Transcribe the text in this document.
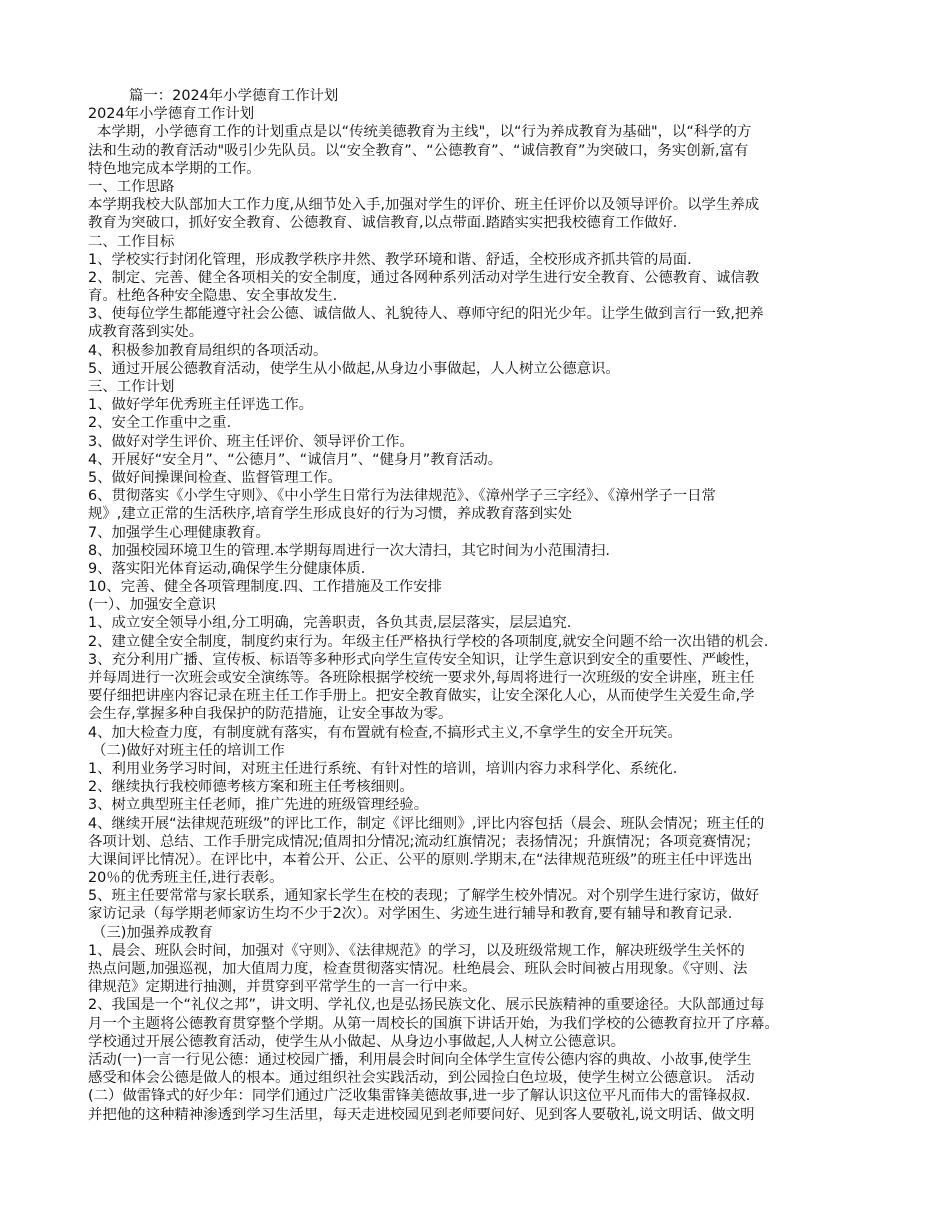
篇一：2024年小学德育工作计划
2024年小学德育工作计划
本学期，小学德育工作的计划重点是以“传统美德教育为主线"，以“行为养成教育为基础"，以“科学的方
法和生动的教育活动"吸引少先队员。以“安全教育”、“公德教育”、“诚信教育”为突破口，务实创新,富有
特色地完成本学期的工作。
一、工作思路
本学期我校大队部加大工作力度,从细节处入手,加强对学生的评价、班主任评价以及领导评价。以学生养成
教育为突破口，抓好安全教育、公德教育、诚信教育,以点带面.踏踏实实把我校德育工作做好.
二、工作目标
1、学校实行封闭化管理，形成教学秩序井然、教学环境和谐、舒适，全校形成齐抓共管的局面.
2、制定、完善、健全各项相关的安全制度，通过各网种系列活动对学生进行安全教育、公德教育、诚信教
育。杜绝各种安全隐患、安全事故发生.
3、使每位学生都能遵守社会公德、诚信做人、礼貌待人、尊师守纪的阳光少年。让学生做到言行一致,把养
成教育落到实处。
4、积极参加教育局组织的各项活动。
5、通过开展公德教育活动，使学生从小做起,从身边小事做起，人人树立公德意识。
三、工作计划
1、做好学年优秀班主任评选工作。
2、安全工作重中之重.
3、做好对学生评价、班主任评价、领导评价工作。
4、开展好“安全月”、“公德月”、“诚信月”、“健身月”教育活动。
5、做好间操课间检查、监督管理工作。
6、贯彻落实《小学生守则》、《中小学生日常行为法律规范》、《漳州学子三字经》、《漳州学子一日常
规》,建立正常的生活秩序,培育学生形成良好的行为习惯，养成教育落到实处
7、加强学生心理健康教育。
8、加强校园环境卫生的管理.本学期每周进行一次大清扫，其它时间为小范围清扫.
9、落实阳光体育运动,确保学生分健康体质.
10、完善、健全各项管理制度.四、工作措施及工作安排
(一）、加强安全意识
1、成立安全领导小组,分工明确，完善职责，各负其责,层层落实，层层追究.
2、建立健全安全制度，制度约束行为。年级主任严格执行学校的各项制度,就安全问题不给一次出错的机会.
3、充分利用广播、宣传板、标语等多种形式向学生宣传安全知识，让学生意识到安全的重要性、严峻性，
并每周进行一次班会或安全演练等。各班除根据学校统一要求外,每周将进行一次班级的安全讲座，班主任
要仔细把讲座内容记录在班主任工作手册上。把安全教育做实，让安全深化人心，从而使学生关爱生命,学
会生存,掌握多种自我保护的防范措施，让安全事故为零。
4、加大检查力度，有制度就有落实，有布置就有检查,不搞形式主义,不拿学生的安全开玩笑。
（二)做好对班主任的培训工作
1、利用业务学习时间，对班主任进行系统、有针对性的培训，培训内容力求科学化、系统化.
2、继续执行我校师德考核方案和班主任考核细则。
3、树立典型班主任老师，推广先进的班级管理经验。
4、继续开展“法律规范班级”的评比工作，制定《评比细则》,评比内容包括（晨会、班队会情况；班主任的
各项计划、总结、工作手册完成情况;值周扣分情况;流动红旗情况；表扬情况；升旗情况；各项竞赛情况；
大课间评比情况）。在评比中，本着公开、公正、公平的原则.学期末,在“法律规范班级”的班主任中评选出
20％的优秀班主任,进行表彰。
5、班主任要常常与家长联系，通知家长学生在校的表现；了解学生校外情况。对个别学生进行家访，做好
家访记录（每学期老师家访生均不少于2次）。对学困生、劣迹生进行辅导和教育,要有辅导和教育记录.
（三)加强养成教育
1、晨会、班队会时间，加强对《守则》、《法律规范》的学习，以及班级常规工作，解决班级学生关怀的
热点问题,加强巡视，加大值周力度，检查贯彻落实情况。杜绝晨会、班队会时间被占用现象。《守则、法
律规范》定期进行抽测，并贯穿到平常学生的一言一行中来。
2、我国是一个“礼仪之邦”，讲文明、学礼仪,也是弘扬民族文化、展示民族精神的重要途径。大队部通过每
月一个主题将公德教育贯穿整个学期。从第一周校长的国旗下讲话开始，为我们学校的公德教育拉开了序幕。
学校通过开展公德教育活动，使学生从小做起、从身边小事做起,人人树立公德意识。
活动(一)一言一行见公德：通过校园广播，利用晨会时间向全体学生宣传公德内容的典故、小故事,使学生
感受和体会公德是做人的根本。通过组织社会实践活动，到公园捡白色垃圾，使学生树立公德意识。 活动
(二）做雷锋式的好少年：同学们通过广泛收集雷锋美德故事,进一步了解认识这位平凡而伟大的雷锋叔叔.
并把他的这种精神渗透到学习生活里，每天走进校园见到老师要问好、见到客人要敬礼,说文明话、做文明
